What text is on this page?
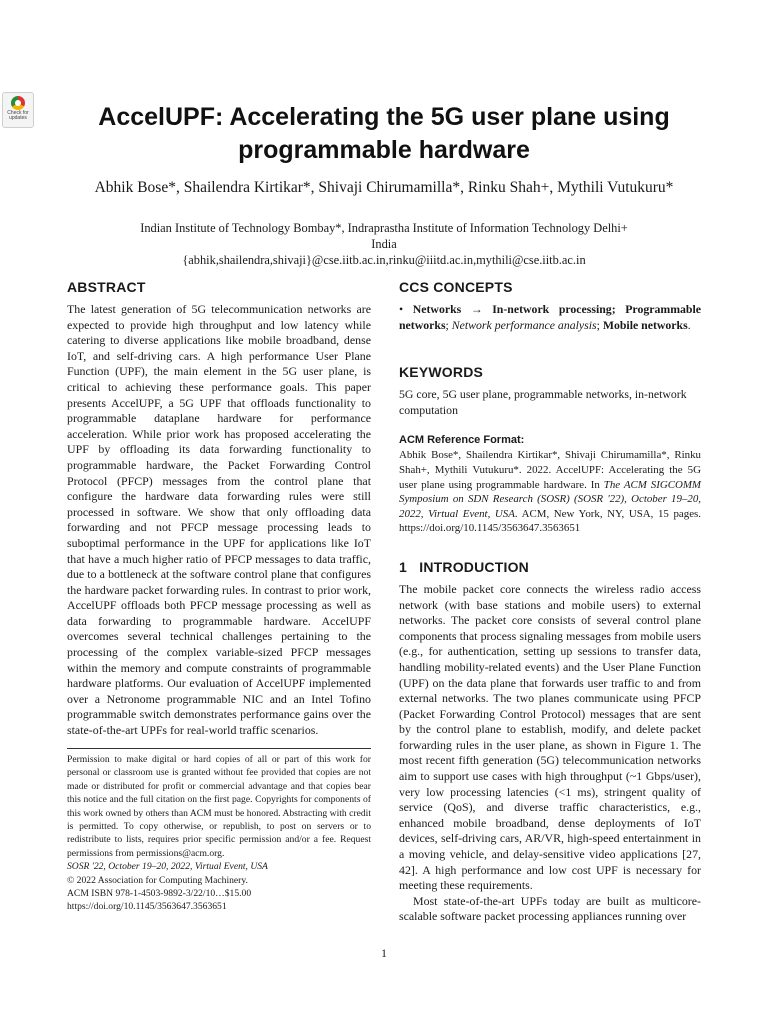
Check for
updates	AccelUPF: Accelerating the 5G user plane using programmable hardware
Abhik Bose*, Shailendra Kirtikar*, Shivaji Chirumamilla*, Rinku Shah+, Mythili Vutukuru*
Indian Institute of Technology Bombay*, Indraprastha Institute of Information Technology Delhi+
India
{abhik,shailendra,shivaji}@cse.iitb.ac.in,rinku@iiitd.ac.in,mythili@cse.iitb.ac.in
ABSTRACT

The latest generation of 5G telecommunication networks are expected to provide high throughput and low latency while catering to diverse applications like mobile broadband, dense IoT, and self-driving cars. A high performance User Plane Function (UPF), the main element in the 5G user plane, is critical to achieving these performance goals. This paper presents AccelUPF, a 5G UPF that offloads functionality to programmable dataplane hardware for performance acceleration. While prior work has proposed accelerating the UPF by offloading its data forwarding functionality to programmable hardware, the Packet Forwarding Control Protocol (PFCP) messages from the control plane that configure the hardware data forwarding rules were still processed in software. We show that only offloading data forwarding and not PFCP message processing leads to suboptimal performance in the UPF for applications like IoT that have a much higher ratio of PFCP messages to data traffic, due to a bottleneck at the software control plane that configures the hardware packet forwarding rules. In contrast to prior work, AccelUPF offloads both PFCP message processing as well as data forwarding to programmable hardware. AccelUPF overcomes several technical challenges pertaining to the processing of the complex variable-sized PFCP messages within the memory and compute constraints of programmable hardware platforms. Our evaluation of AccelUPF implemented over a Netronome programmable NIC and an Intel Tofino programmable switch demonstrates performance gains over the state-of-the-art UPFs for real-world traffic scenarios.

Permission to make digital or hard copies of all or part of this work for personal or classroom use is granted without fee provided that copies are not made or distributed for profit or commercial advantage and that copies bear this notice and the full citation on the first page. Copyrights for components of this work owned by others than ACM must be honored. Abstracting with credit is permitted. To copy otherwise, or republish, to post on servers or to redistribute to lists, requires prior specific permission and/or a fee. Request permissions from permissions@acm.org.

SOSR '22, October 19–20, 2022, Virtual Event, USA

© 2022 Association for Computing Machinery.

ACM ISBN 978-1-4503-9892-3/22/10…$15.00

https://doi.org/10.1145/3563647.3563651

CCS CONCEPTS

• Networks → In-network processing; Programmable networks; Network performance analysis; Mobile networks.

KEYWORDS

5G core, 5G user plane, programmable networks, in-network computation

ACM Reference Format:

Abhik Bose*, Shailendra Kirtikar*, Shivaji Chirumamilla*, Rinku Shah+, Mythili Vutukuru*. 2022. AccelUPF: Accelerating the 5G user plane using programmable hardware. In The ACM SIGCOMM Symposium on SDN Research (SOSR) (SOSR '22), October 19–20, 2022, Virtual Event, USA. ACM, New York, NY, USA, 15 pages. https://doi.org/10.1145/3563647.3563651

1   INTRODUCTION

The mobile packet core connects the wireless radio access network (with base stations and mobile users) to external networks. The packet core consists of several control plane components that process signaling messages from mobile users (e.g., for authentication, setting up sessions to transfer data, handling mobility-related events) and the User Plane Function (UPF) on the data plane that forwards user traffic to and from external networks. The two planes communicate using PFCP (Packet Forwarding Control Protocol) messages that are sent by the control plane to establish, modify, and delete packet forwarding rules in the user plane, as shown in Figure 1. The most recent fifth generation (5G) telecommunication networks aim to support use cases with high throughput (~1 Gbps/user), very low processing latencies (<1 ms), stringent quality of service (QoS), and diverse traffic characteristics, e.g., enhanced mobile broadband, dense deployments of IoT devices, self-driving cars, AR/VR, high-speed entertainment in a moving vehicle, and delay-sensitive video applications [27, 42]. A high performance and low cost UPF is necessary for meeting these requirements.

Most state-of-the-art UPFs today are built as multicore-scalable software packet processing appliances running over

1
